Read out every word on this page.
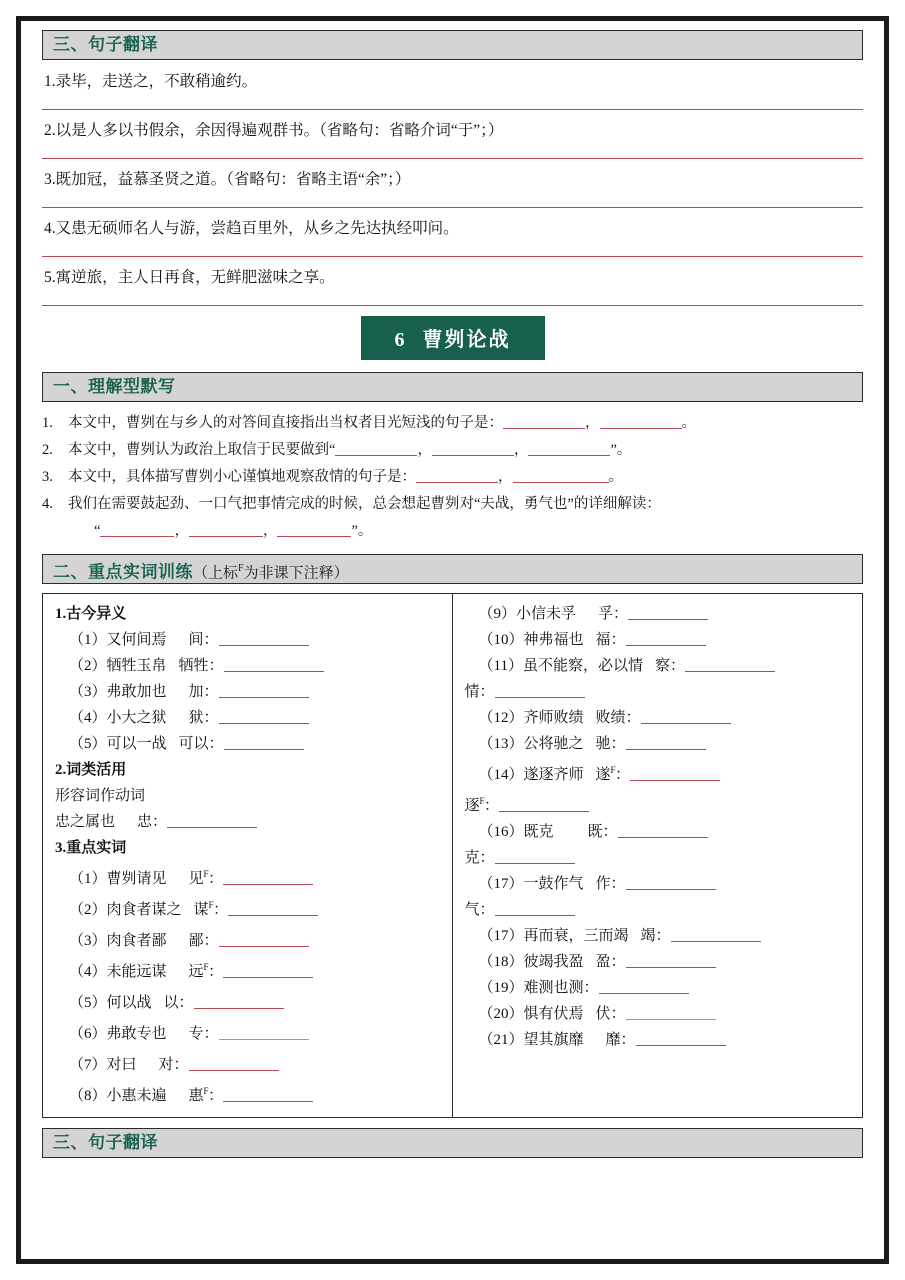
三、句子翻译
1.录毕，走送之，不敢稍逾约。
2.以是人多以书假余，余因得遍观群书。（省略句：省略介词“于”；）
3.既加冠，益慕圣贤之道。（省略句：省略主语“余”；）
4.又患无硕师名人与游，尝趋百里外，从乡之先达执经叩问。
5.寓逆旅，主人日再食，无鲜肥滋味之享。
6 曹刿论战
一、理解型默写
1.	本文中，曹刿在与乡人的对答间直接指出当权者目光短浅的句子是：	，	。
2.	本文中，曹刿认为政治上取信于民要做到“	，	，	”。
3.	本文中，具体描写曹刿小心谨慎地观察敌情的句子是：	，	。
4.	我们在需要鼓起劲、一口气把事情完成的时候，总会想起曹刿对“夫战，勇气也”的详细解读：
“	，	，	”。
二、重点实词训练（上标$^F$为非课下注释）

1.古今异义

（1）又何间焉 间：

（2）牺牲玉帛 牺牲：

（3）弗敢加也 加：

（4）小大之狱 狱：

（5）可以一战 可以：

2.词类活用

形容词作动词

忠之属也 忠：

3.重点实词

（1）曹刿请见 见$^F$：

（2）肉食者谋之 谋$^F$：

（3）肉食者鄙 鄙：

（4）未能远谋 远$^F$：

（5）何以战 以：

（6）弗敢专也 专：

（7）对曰 对：

（8）小惠未遍 惠$^F$：

（9）小信未孚 孚：

（10）神弗福也 福：

（11）虽不能察，必以情 察：

情：

（12）齐师败绩 败绩：

（13）公将驰之 驰：

（14）遂逐齐师 遂$^F$：

逐$^F$：

（16）既克 既：

克：

（17）一鼓作气 作：

气：

（17）再而衰，三而竭 竭：

（18）彼竭我盈 盈：

（19）难测也测：

（20）惧有伏焉 伏：

（21）望其旗靡 靡：

三、句子翻译
